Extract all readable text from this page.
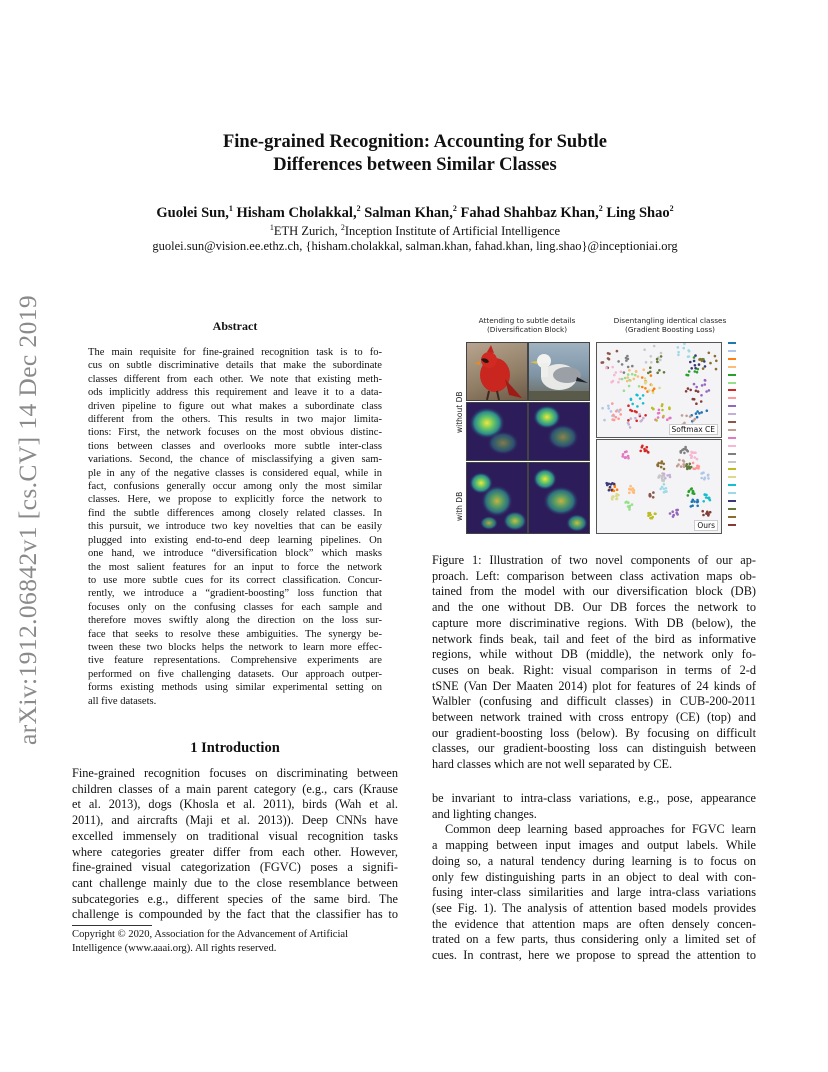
arXiv:1912.06842v1 [cs.CV] 14 Dec 2019
Fine-grained Recognition: Accounting for Subtle
Differences between Similar Classes
Guolei Sun,$^1$ Hisham Cholakkal,$^2$ Salman Khan,$^2$ Fahad Shahbaz Khan,$^2$ Ling Shao$^2$
$^1$ETH Zurich, $^2$Inception Institute of Artificial Intelligence
guolei.sun@vision.ee.ethz.ch, {hisham.cholakkal, salman.khan, fahad.khan, ling.shao}@inceptioniai.org
Abstract
The main requisite for fine-grained recognition task is to fo-
cus on subtle discriminative details that make the subordinate
classes different from each other. We note that existing meth-
ods implicitly address this requirement and leave it to a data-
driven pipeline to figure out what makes a subordinate class
different from the others. This results in two major limita-
tions: First, the network focuses on the most obvious distinc-
tions between classes and overlooks more subtle inter-class
variations. Second, the chance of misclassifying a given sam-
ple in any of the negative classes is considered equal, while in
fact, confusions generally occur among only the most similar
classes. Here, we propose to explicitly force the network to
find the subtle differences among closely related classes. In
this pursuit, we introduce two key novelties that can be easily
plugged into existing end-to-end deep learning pipelines. On
one hand, we introduce “diversification block” which masks
the most salient features for an input to force the network
to use more subtle cues for its correct classification. Concur-
rently, we introduce a “gradient-boosting” loss function that
focuses only on the confusing classes for each sample and
therefore moves swiftly along the direction on the loss sur-
face that seeks to resolve these ambiguities. The synergy be-
tween these two blocks helps the network to learn more effec-
tive feature representations. Comprehensive experiments are
performed on five challenging datasets. Our approach outper-
forms existing methods using similar experimental setting on
all five datasets.
1 Introduction
Fine-grained recognition focuses on discriminating between
children classes of a main parent category (e.g., cars (Krause
et al. 2013), dogs (Khosla et al. 2011), birds (Wah et al.
2011), and aircrafts (Maji et al. 2013)). Deep CNNs have
excelled immensely on traditional visual recognition tasks
where categories greater differ from each other. However,
fine-grained visual categorization (FGVC) poses a signifi-
cant challenge mainly due to the close resemblance between
subcategories e.g., different species of the same bird. The
challenge is compounded by the fact that the classifier has to
Copyright © 2020, Association for the Advancement of Artificial
Intelligence (www.aaai.org). All rights reserved.
Attending to subtle details
(Diversification Block)
Disentangling identical classes
(Gradient Boosting Loss)
without DB
with DB
Softmax CE
Ours
Figure 1: Illustration of two novel components of our ap-
proach. Left: comparison between class activation maps ob-
tained from the model with our diversification block (DB)
and the one without DB. Our DB forces the network to
capture more discriminative regions. With DB (below), the
network finds beak, tail and feet of the bird as informative
regions, while without DB (middle), the network only fo-
cuses on beak. Right: visual comparison in terms of 2-d
tSNE (Van Der Maaten 2014) plot for features of 24 kinds of
Walbler (confusing and difficult classes) in CUB-200-2011
between network trained with cross entropy (CE) (top) and
our gradient-boosting loss (below). By focusing on difficult
classes, our gradient-boosting loss can distinguish between
hard classes which are not well separated by CE.
be invariant to intra-class variations, e.g., pose, appearance
and lighting changes.
Common deep learning based approaches for FGVC learn
a mapping between input images and output labels. While
doing so, a natural tendency during learning is to focus on
only few distinguishing parts in an object to deal with con-
fusing inter-class similarities and large intra-class variations
(see Fig. 1). The analysis of attention based models provides
the evidence that attention maps are often densely concen-
trated on a few parts, thus considering only a limited set of
cues. In contrast, here we propose to spread the attention to
